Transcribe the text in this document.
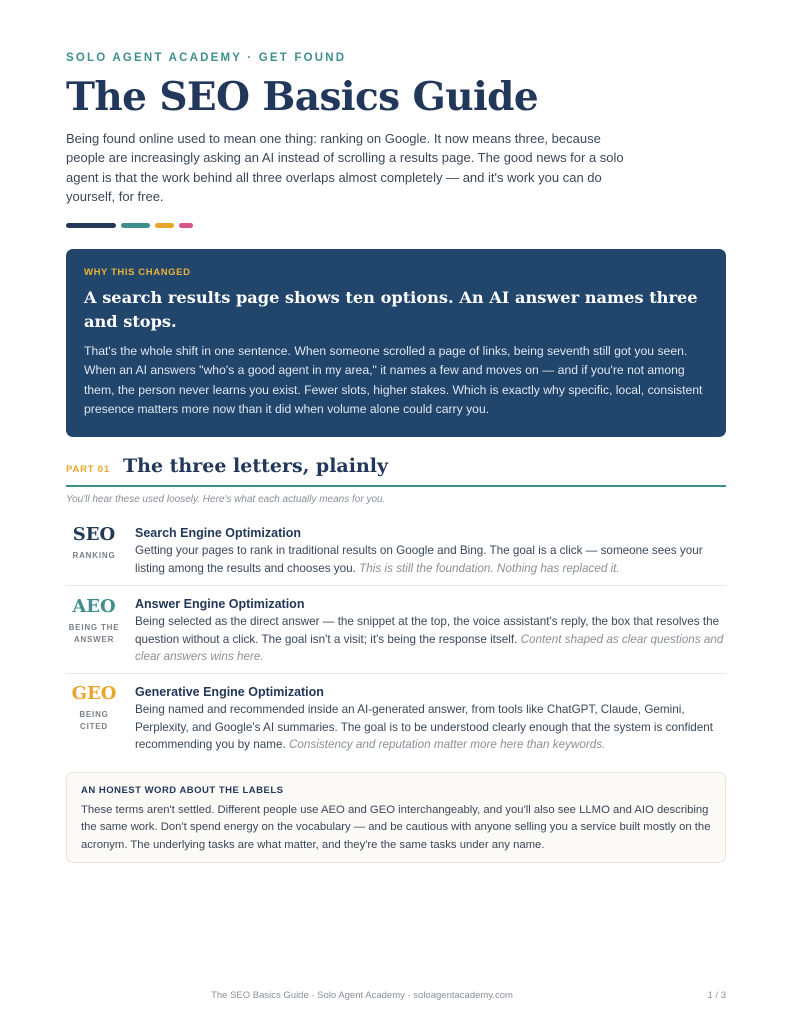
SOLO AGENT ACADEMY · GET FOUND
The SEO Basics Guide

Being found online used to mean one thing: ranking on Google. It now means three, because people are increasingly asking an AI instead of scrolling a results page. The good news for a solo agent is that the work behind all three overlaps almost completely — and it's work you can do yourself, for free.

WHY THIS CHANGED
A search results page shows ten options. An AI answer names three and stops.
That's the whole shift in one sentence. When someone scrolled a page of links, being seventh still got you seen. When an AI answers "who's a good agent in my area," it names a few and moves on — and if you're not among them, the person never learns you exist. Fewer slots, higher stakes. Which is exactly why specific, local, consistent presence matters more now than it did when volume alone could carry you.
PART 01 The three letters, plainly
You'll hear these used loosely. Here's what each actually means for you.
SEO
RANKING
Search Engine Optimization
Getting your pages to rank in traditional results on Google and Bing. The goal is a click — someone sees your listing among the results and chooses you. This is still the foundation. Nothing has replaced it.
AEO
BEING THE ANSWER
Answer Engine Optimization
Being selected as the direct answer — the snippet at the top, the voice assistant's reply, the box that resolves the question without a click. The goal isn't a visit; it's being the response itself. Content shaped as clear questions and clear answers wins here.
GEO
BEING CITED
Generative Engine Optimization
Being named and recommended inside an AI-generated answer, from tools like ChatGPT, Claude, Gemini, Perplexity, and Google's AI summaries. The goal is to be understood clearly enough that the system is confident recommending you by name. Consistency and reputation matter more here than keywords.
AN HONEST WORD ABOUT THE LABELS
These terms aren't settled. Different people use AEO and GEO interchangeably, and you'll also see LLMO and AIO describing the same work. Don't spend energy on the vocabulary — and be cautious with anyone selling you a service built mostly on the acronym. The underlying tasks are what matter, and they're the same tasks under any name.
The SEO Basics Guide · Solo Agent Academy · soloagentacademy.com	1 / 3
